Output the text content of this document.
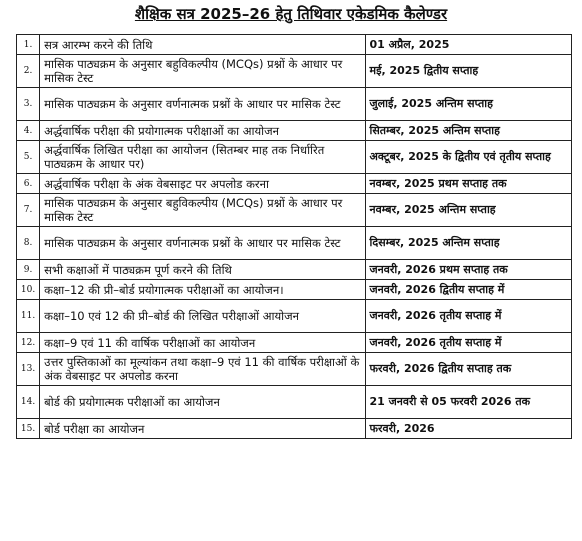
शैक्षिक सत्र 2025–26 हेतु तिथिवार एकेडमिक कैलेण्डर
1.	सत्र आरम्भ करने की तिथि	01 अप्रैल, 2025
2.	मासिक पाठ्यक्रम के अनुसार बहुविकल्पीय (MCQs) प्रश्नों के आधार पर मासिक टेस्ट	मई, 2025 द्वितीय सप्ताह
3.	मासिक पाठ्यक्रम के अनुसार वर्णनात्मक प्रश्नों के आधार पर मासिक टेस्ट	जुलाई, 2025 अन्तिम सप्ताह
4.	अर्द्धवार्षिक परीक्षा की प्रयोगात्मक परीक्षाओं का आयोजन	सितम्बर, 2025 अन्तिम सप्ताह
5.	अर्द्धवार्षिक लिखित परीक्षा का आयोजन (सितम्बर माह तक निर्धारित पाठ्यक्रम के आधार पर)	अक्टूबर, 2025 के द्वितीय एवं तृतीय सप्ताह
6.	अर्द्धवार्षिक परीक्षा के अंक वेबसाइट पर अपलोड करना	नवम्बर, 2025 प्रथम सप्ताह तक
7.	मासिक पाठ्यक्रम के अनुसार बहुविकल्पीय (MCQs) प्रश्नों के आधार पर मासिक टेस्ट	नवम्बर, 2025 अन्तिम सप्ताह
8.	मासिक पाठ्यक्रम के अनुसार वर्णनात्मक प्रश्नों के आधार पर मासिक टेस्ट	दिसम्बर, 2025 अन्तिम सप्ताह
9.	सभी कक्षाओं में पाठ्यक्रम पूर्ण करने की तिथि	जनवरी, 2026 प्रथम सप्ताह तक
10.	कक्षा–12 की प्री–बोर्ड प्रयोगात्मक परीक्षाओं का आयोजन।	जनवरी, 2026 द्वितीय सप्ताह में
11.	कक्षा–10 एवं 12 की प्री–बोर्ड की लिखित परीक्षाओं आयोजन	जनवरी, 2026 तृतीय सप्ताह में
12.	कक्षा–9 एवं 11 की वार्षिक परीक्षाओं का आयोजन	जनवरी, 2026 तृतीय सप्ताह में
13.	उत्तर पुस्तिकाओं का मूल्यांकन तथा कक्षा–9 एवं 11 की वार्षिक परीक्षाओं के अंक वेबसाइट पर अपलोड करना	फरवरी, 2026 द्वितीय सप्ताह तक
14.	बोर्ड की प्रयोगात्मक परीक्षाओं का आयोजन	21 जनवरी से 05 फरवरी 2026 तक
15.	बोर्ड परीक्षा का आयोजन	फरवरी, 2026
